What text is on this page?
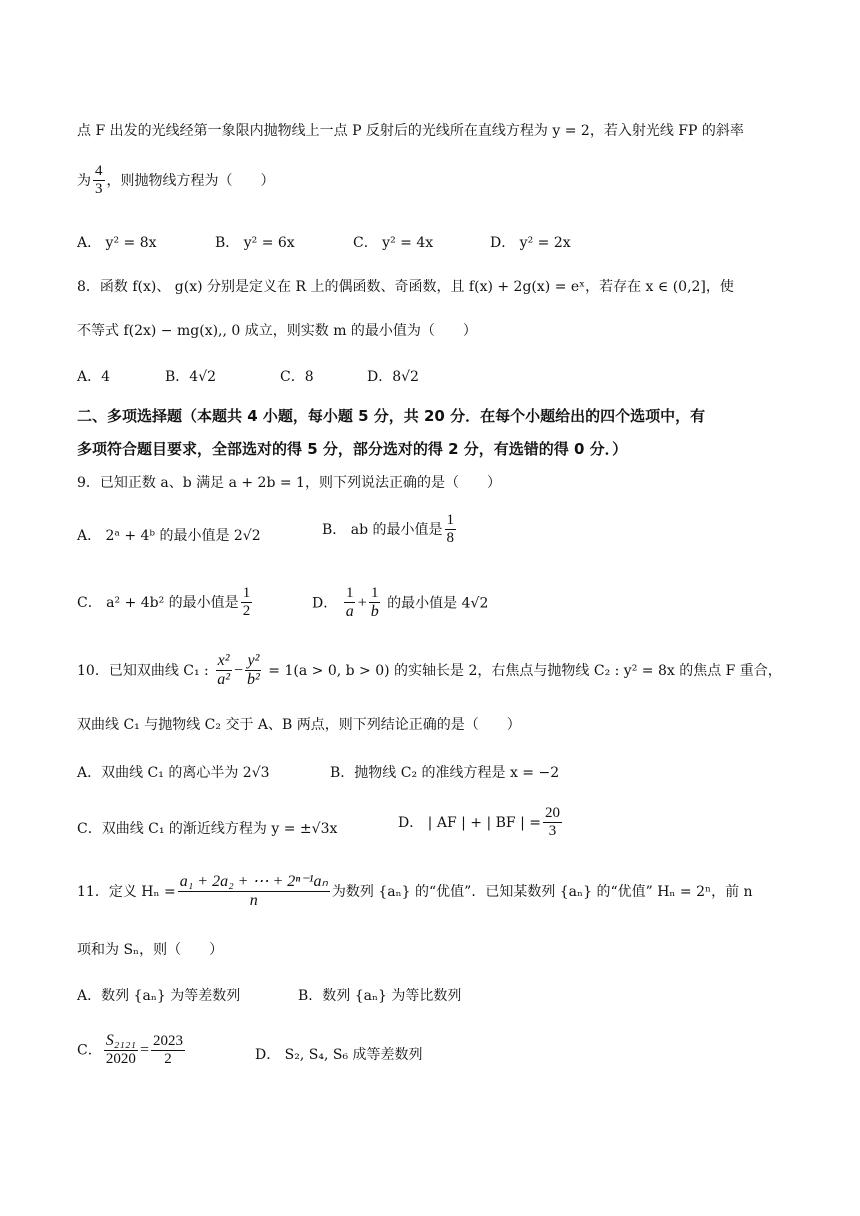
点 F 出发的光线经第一象限内抛物线上一点 P 反射后的光线所在直线方程为 y = 2，若入射光线 FP 的斜率
为 $\frac{4}{3}$ ，则抛物线方程为（　　）
A． y² = 8x	B． y² = 6x	C． y² = 4x	D． y² = 2x
8．函数 f(x)、 g(x) 分别是定义在 R 上的偶函数、奇函数，且 f(x) + 2g(x) = eˣ，若存在 x ∈ (0,2]，使
不等式 f(2x) − mg(x),, 0 成立，则实数 m 的最小值为（　　）
A．4	B．4√2	C．8	D．8√2
二、多项选择题（本题共 4 小题，每小题 5 分，共 20 分．在每个小题给出的四个选项中，有
多项符合题目要求，全部选对的得 5 分，部分选对的得 2 分，有选错的得 0 分．）
9．已知正数 a、b 满足 a + 2b = 1，则下列说法正确的是（　　）
A． 2ᵃ + 4ᵇ 的最小值是 2√2	B． ab 的最小值是 $\frac{1}{8}$
C． a² + 4b² 的最小值是 $\frac{1}{2}$	D． $\frac{1}{a} + \frac{1}{b}$ 的最小值是 4√2
10．已知双曲线 C₁ : $\frac{\text{x²}}{\text{a²}} - \frac{\text{y²}}{\text{b²}} = 1(a > 0$, b > 0) 的实轴长是 2，右焦点与抛物线 C₂ : y² = 8x 的焦点 F 重合，
双曲线 C₁ 与抛物线 C₂ 交于 A、B 两点，则下列结论正确的是（　　）
A．双曲线 C₁ 的离心半为 2√3	B．抛物线 C₂ 的准线方程是 x = −2
C．双曲线 C₁ 的渐近线方程为 y = ±√3x	D． | AF | + | BF | = $\frac{20}{3}$
11．定义 $H_n = \frac{\text{a₁ + 2a₂ + ⋯ + 2ⁿ⁻¹aₙ}}{n}$ 为数列 {aₙ} 的“优值”．已知某数列 {aₙ} 的“优值” Hₙ = 2ⁿ，前 n
项和为 Sₙ，则（　　）
A．数列 {aₙ} 为等差数列	B．数列 {aₙ} 为等比数列
C． $\frac{\text{S₂₁₂₁}}{2020} = \frac{2023}{2}$	D． S₂, S₄, S₆ 成等差数列
